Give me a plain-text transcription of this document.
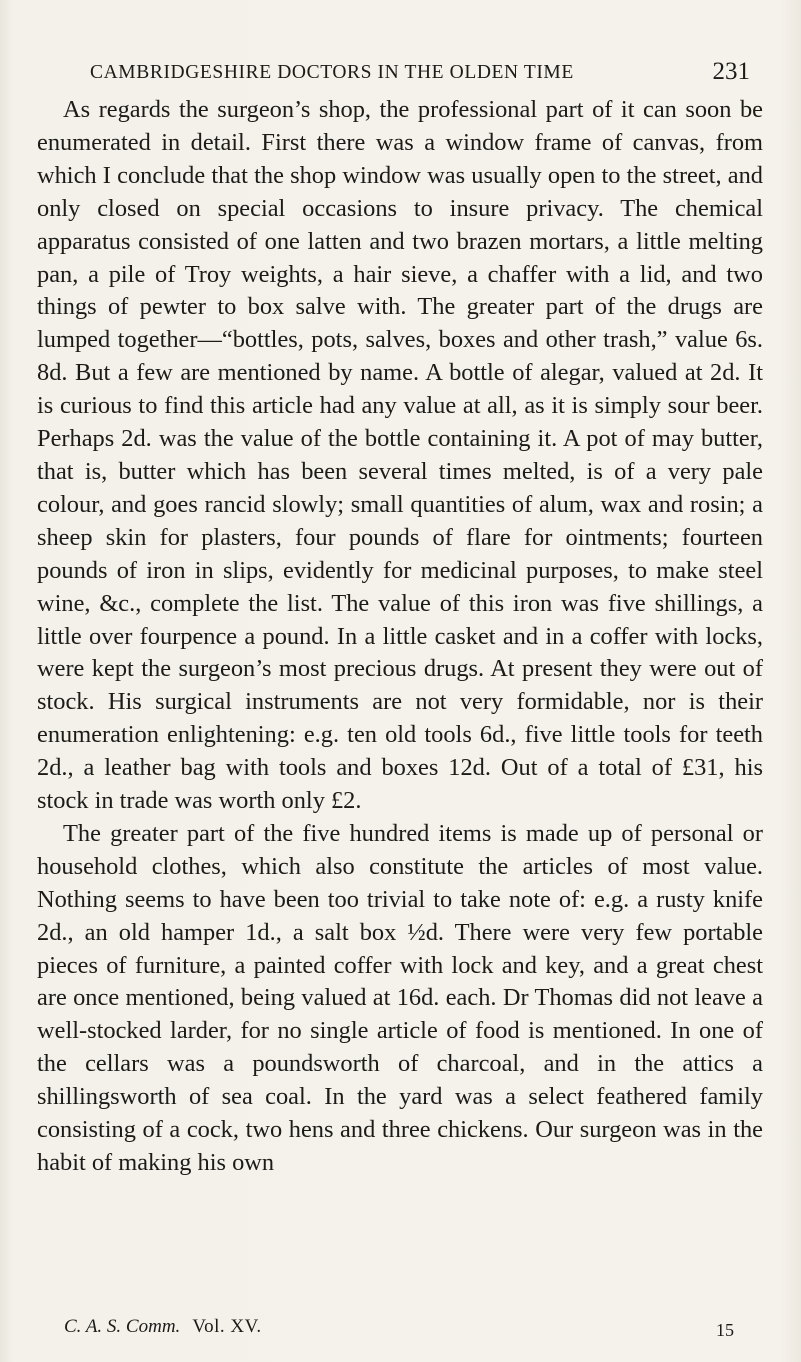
CAMBRIDGESHIRE DOCTORS IN THE OLDEN TIME	231

As regards the surgeon’s shop, the professional part of it can soon be enumerated in detail. First there was a window frame of canvas, from which I conclude that the shop window was usually open to the street, and only closed on special occasions to insure privacy. The chemical apparatus consisted of one latten and two brazen mortars, a little melting pan, a pile of Troy weights, a hair sieve, a chaffer with a lid, and two things of pewter to box salve with. The greater part of the drugs are lumped together—“bottles, pots, salves, boxes and other trash,” value 6s. 8d. But a few are mentioned by name. A bottle of alegar, valued at 2d. It is curious to find this article had any value at all, as it is simply sour beer. Perhaps 2d. was the value of the bottle containing it. A pot of may butter, that is, butter which has been several times melted, is of a very pale colour, and goes rancid slowly; small quantities of alum, wax and rosin; a sheep skin for plasters, four pounds of flare for ointments; fourteen pounds of iron in slips, evidently for medicinal purposes, to make steel wine, &c., complete the list. The value of this iron was five shillings, a little over fourpence a pound. In a little casket and in a coffer with locks, were kept the surgeon’s most precious drugs. At present they were out of stock. His surgical instruments are not very formidable, nor is their enumeration enlightening: e.g. ten old tools 6d., five little tools for teeth 2d., a leather bag with tools and boxes 12d. Out of a total of £31, his stock in trade was worth only £2.

The greater part of the five hundred items is made up of personal or household clothes, which also constitute the articles of most value. Nothing seems to have been too trivial to take note of: e.g. a rusty knife 2d., an old hamper 1d., a salt box ½d. There were very few portable pieces of furniture, a painted coffer with lock and key, and a great chest are once mentioned, being valued at 16d. each. Dr Thomas did not leave a well-stocked larder, for no single article of food is mentioned. In one of the cellars was a poundsworth of charcoal, and in the attics a shillingsworth of sea coal. In the yard was a select feathered family consisting of a cock, two hens and three chickens. Our surgeon was in the habit of making his own

C. A. S. Comm. Vol. XV.	15
